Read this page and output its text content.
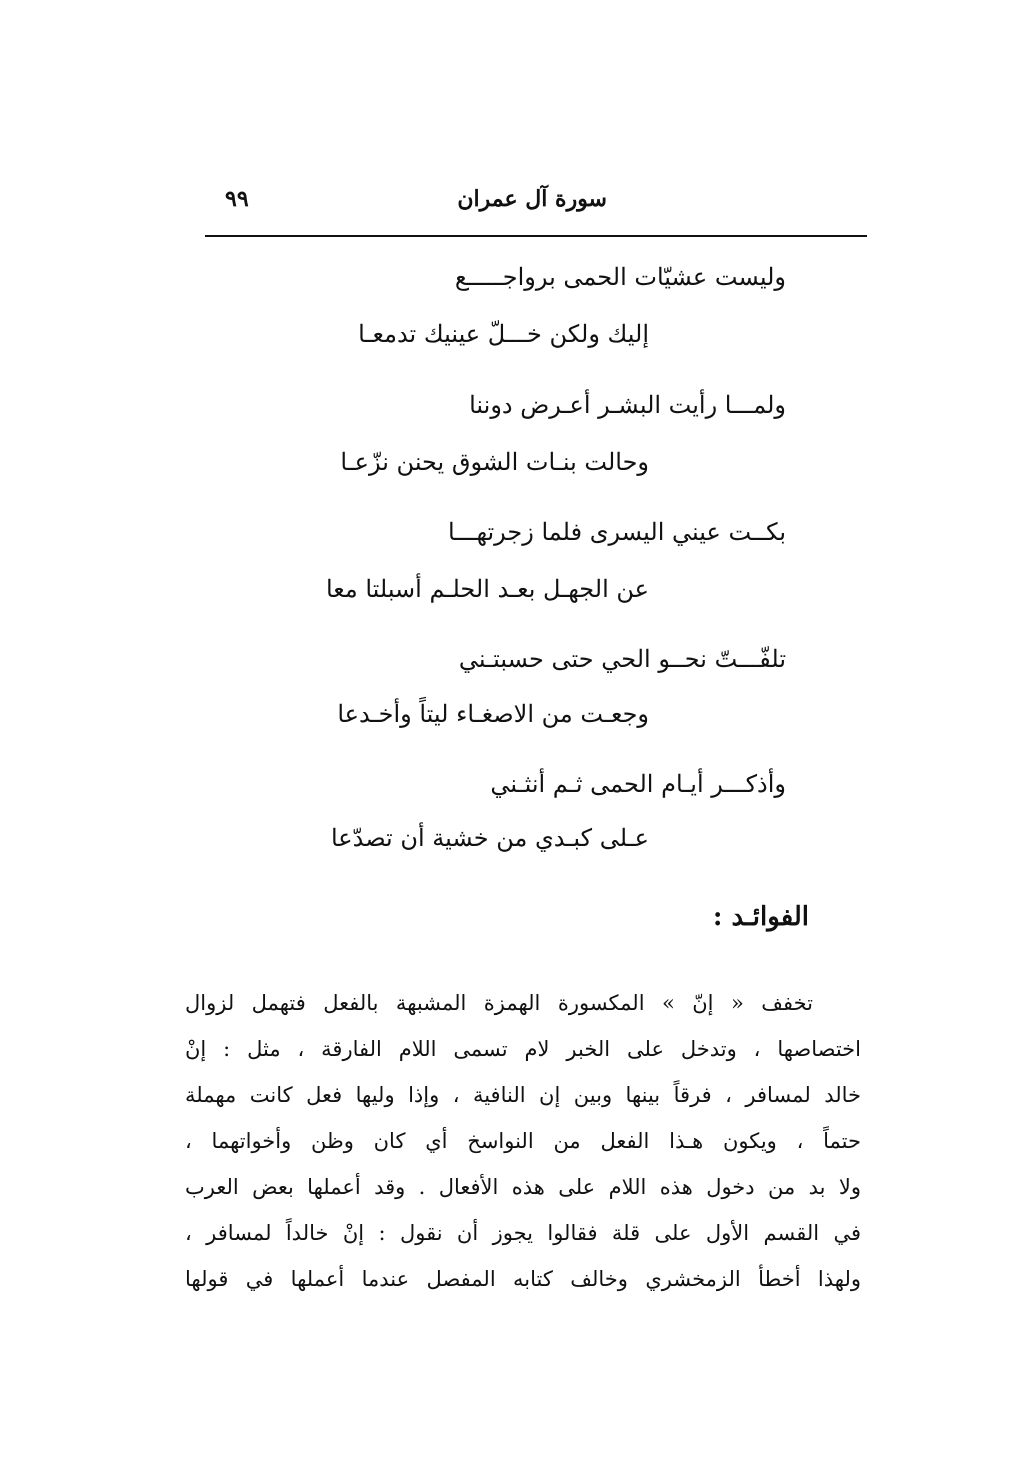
سورة آل عمران
٩٩
وليست عشيّات الحمى برواجـــــع
إليك ولكن خـــلّ عينيك تدمعـا
ولمـــا رأيت البشـر أعـرض دوننا
وحالت بنـات الشوق يحنن نزّعـا
بكــت عيني اليسرى فلما زجرتهـــا
عن الجهـل بعـد الحلـم أسبلتا معا
تلفّـــتّ نحــو الحي حتى حسبتـني
وجعـت من الاصغـاء ليتاً وأخـدعا
وأذكـــر أيـام الحمى ثـم أنثـني
عـلى كبـدي من خشية أن تصدّعا
الفوائـد :
تخفف « إنّ » المكسورة الهمزة المشبهة بالفعل فتهمل لزوال
اختصاصها ، وتدخل على الخبر لام تسمى اللام الفارقة ، مثل : إنْ
خالد لمسافر ، فرقاً بينها وبين إن النافية ، وإذا وليها فعل كانت مهملة
حتماً ، ويكون هـذا الفعل من النواسخ أي كان وظن وأخواتهما ،
ولا بد من دخول هذه اللام على هذه الأفعال . وقد أعملها بعض العرب
في القسم الأول على قلة فقالوا يجوز أن نقول : إنْ خالداً لمسافر ،
ولهذا أخطأ الزمخشري وخالف كتابه المفصل عندما أعملها في قولها
